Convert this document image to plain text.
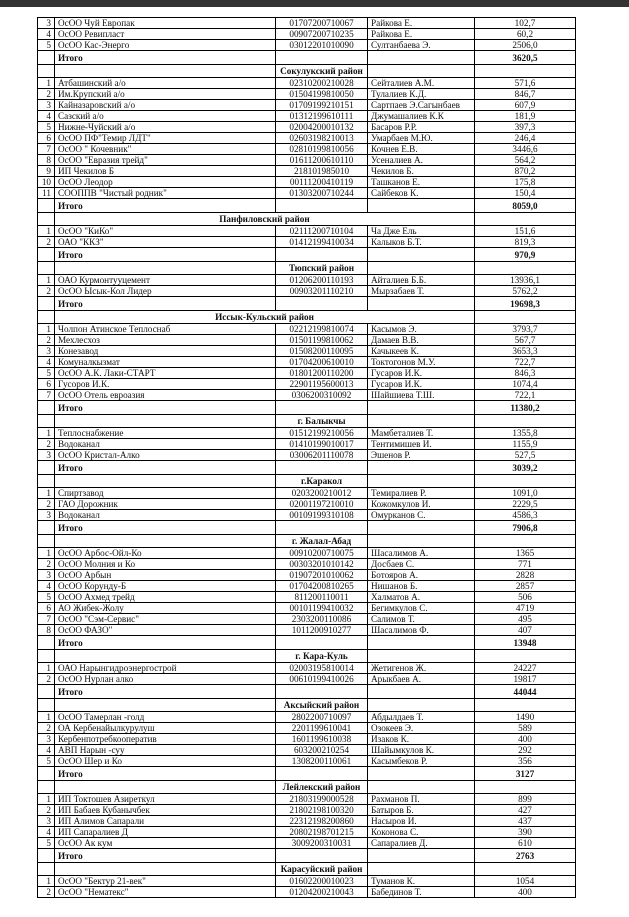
3	ОсОО Чуй Европак	01707200710067	Райкова Е.	102,7
4	ОсОО Ревипласт	00907200710235	Райкова Е.	60,2
5	ОсОО Кас-Энерго	03012201010090	Султанбаева Э.	2506,0
	Итого			3620,5
		Сокулукский район		
1	Атбашинский а/о	02310200210028	Сейталиев А.М.	571,6
2	Им.Крупский а/о	01504199810050	Тулалиев К.Д.	846,7
3	Кайназаровский а/о	01709199210151	Сартпаев Э.Сагынбаев	607,9
4	Сазский а/о	01312199610111	Джумашалиев К.К	181,9
5	Нижне-Чуйский а/о	02004200010132	Басаров Р.Р.	397,3
6	ОсОО ПФ"Темир ЛДТ"	02603198210013	Умарбаев М.Ю.	246,4
7	ОсОО " Кочевник"	02810199810056	Кочнев Е.В.	3446,6
8	ОсОО "Евразия трейд"	01611200610110	Усеналиев А.	564,2
9	ИП Чекилов Б	218101985010	Чекилов Б.	870,2
10	ОсОО Леодор	00111200410119	Ташканов Е.	175,8
11	СООППВ "Чистый родник"	01303200710244	Сайбеков К.	150,4
	Итого			8059,0
	Панфиловский район			
1	ОсОО "КиКо"	02111200710104	Ча Дже Ель	151,6
2	ОАО "ККЗ"	01412199410034	Калыков Б.Т.	819,3
	Итого			970,9
		Тюпский район		
1	ОАО Курмонтууцемент	01206200110193	Айталиев Б.Б.	13936,1
2	ОсОО Ысык-Кол Лидер	00903201110210	Мырзабаев Т.	5762,2
	Итого			19698,3
	Иссык-Кульский район			
1	Чолпон Атинское Теплоснаб	02212199810074	Касымов Э.	3793,7
2	Мехлесхоз	01501199810062	Дамаев В.В.	567,7
3	Конезавод	01508200110095	Качыкеев К.	3653,3
4	Комуналкызмат	01704200610010	Токтогонов М.У.	722,7
5	ОсОО А.К. Лаки-СТАРТ	01801200110200	Гусаров И.К.	846,3
6	Гусоров И.К.	22901195600013	Гусаров И.К.	1074,4
7	ОсОО Отель евроазия	0306200310092	Шайшиева Т.Ш.	722,1
	Итого			11380,2
		г. Балыкчы		
1	Теплоснабжение	01512199210056	Мамбеталиев Т.	1355,8
2	Водоканал	01410199010017	Тентимишев И.	1155,9
3	ОсОО Кристал-Алко	03006201110078	Эшенов Р.	527,5
	Итого			3039,2
		г.Каракол		
1	Спиртзавод	0203200210012	Темиралиев Р.	1091,0
2	ГАО Дорожник	02001197210010	Кожомкулов И.	2229,5
3	Водоканал	00109199310108	Омурканов С.	4586,3
	Итого			7906,8
		г. Жалал-Абад		
1	ОсОО Арбос-Ойл-Ко	00910200710075	Шасалимов А.	1365
2	ОсОО Молния и Ко	00303201010142	Досбаев С.	771
3	ОсОО Арбын	01907201010062	Ботояров А.	2828
4	ОсОО Корундy-Б	01704200810265	Нишанов Б.	2857
5	ОсОО Ахмед трейд	811200110011	Халматов А.	506
6	АО Жибек-Жолу	00101199410032	Бегимкулов С.	4719
7	ОсОО "Сэм-Сервис"	2303200110086	Салимов Т.	495
8	ОсОО ФАЗО"	1011200910277	Шасалимов Ф.	407
	Итого			13948
		г. Кара-Куль		
1	ОАО Нарынгидроэнергострой	02003195810014	Жетигенов Ж.	24227
2	ОсОО Нурлан алко	00610199410026	Арыкбаев А.	19817
	Итого			44044
		Аксыйский район		
1	ОсОО Тамерлан -голд	2802200710097	Абдылдаев Т.	1490
2	ОА Кербенайылкурулуш	2201199610041	Озокеев Э.	589
3	Кербенпотребкооператив	1601199610038	Изаков К.	400
4	АВП Нарын -суу	603200210254	Шайымкулов К.	292
5	ОсОО Шер и Ко	1308200110061	Касымбеков Р.	356
	Итого			3127
		Лейлекский район		
1	ИП Токтошев Азиреткул	21803199000528	Рахманов П.	899
2	ИП Бабаев Кубанычбек	21802198100320	Батыров Б.	427
3	ИП Алимов Сапарали	22312198200860	Насыров И.	437
4	ИП Сапаралиев Д	20802198701215	Коконова С.	390
5	ОсОО Ак кум	3009200310031	Сапаралиев Д.	610
	Итого			2763
		Карасуйский район		
1	ОсОО "Бектур 21-век"	01602200010023	Туманов К.	1054
2	ОсОО "Нематекс"	01204200210043	Бабединов Т.	400
